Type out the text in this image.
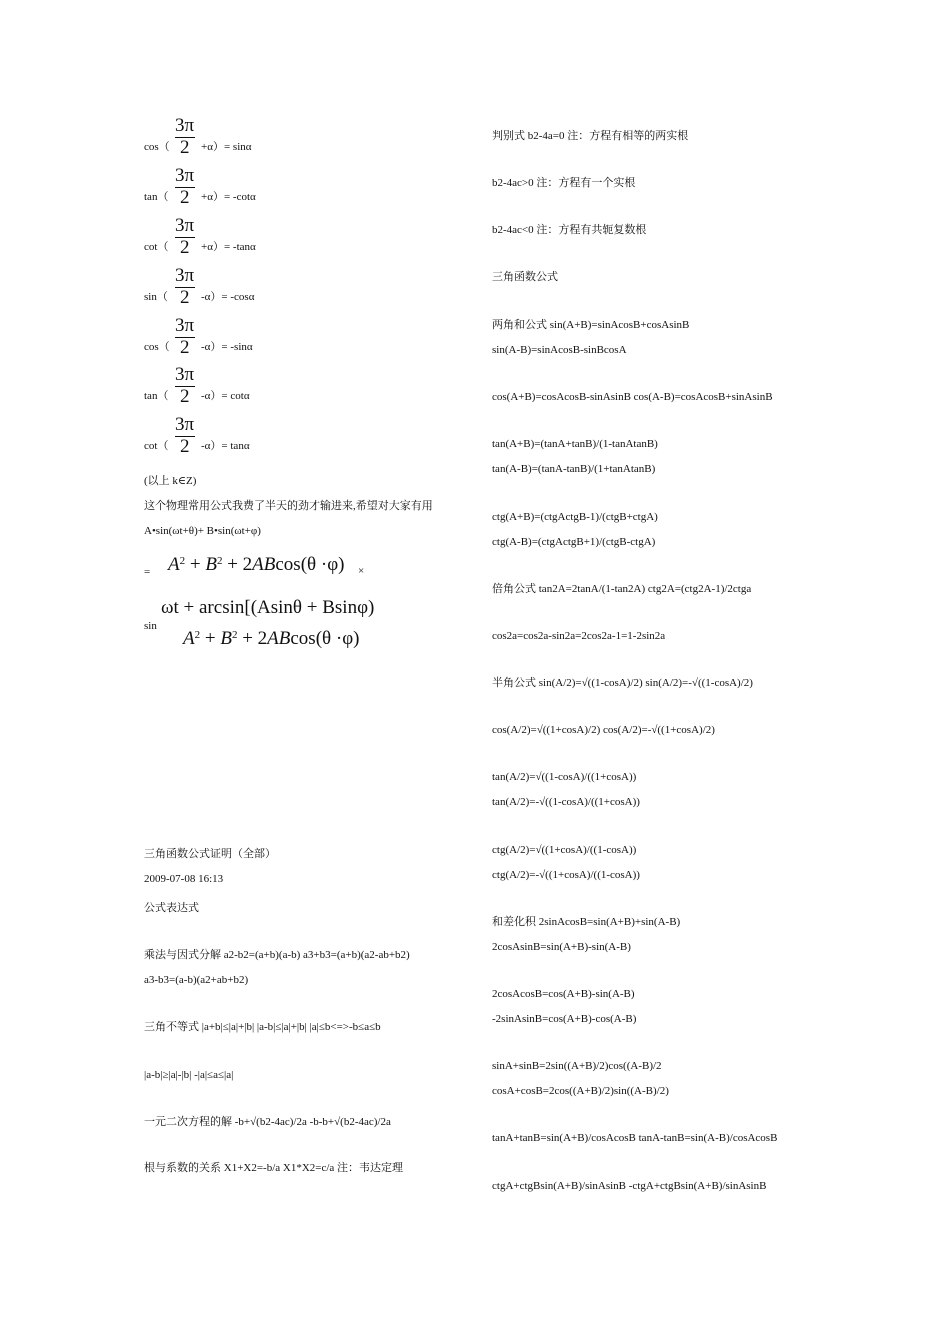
cos（
3π
2 +α）= sinα
tan（
3π
2 +α）= -cotα
cot（
3π
2 +α）= -tanα
sin（
3π
2 -α）= -cosα
cos（
3π
2 -α）= -sinα
tan（
3π
2 -α）= cotα
cot（
3π
2 -α）= tanα
(以上 k∈Z)
这个物理常用公式我费了半天的劲才输进来,希望对大家有用
A•sin(ωt+θ)+ B•sin(ωt+φ)
= $A_2 + B_2 + 2ABcos(\theta \cdot\varphi)$ ×
ωt + arcsin[(Asinθ + Bsinφ)
sin
$A_2 + B_2 + 2ABcos(\theta \cdot\varphi)$
三角函数公式证明（全部）
2009-07-08 16:13
公式表达式
乘法与因式分解 a2-b2=(a+b)(a-b) a3+b3=(a+b)(a2-ab+b2)
a3-b3=(a-b)(a2+ab+b2)
三角不等式 |a+b|≤|a|+|b| |a-b|≤|a|+|b| |a|≤b<=>-b≤a≤b
|a-b|≥|a|-|b| -|a|≤a≤|a|
一元二次方程的解 -b+√(b2-4ac)/2a -b-b+√(b2-4ac)/2a
根与系数的关系 X1+X2=-b/a X1*X2=c/a 注：韦达定理
判别式 b2-4a=0 注：方程有相等的两实根
b2-4ac>0 注：方程有一个实根
b2-4ac<0 注：方程有共轭复数根
三角函数公式
两角和公式 sin(A+B)=sinAcosB+cosAsinB
sin(A-B)=sinAcosB-sinBcosA
cos(A+B)=cosAcosB-sinAsinB cos(A-B)=cosAcosB+sinAsinB
tan(A+B)=(tanA+tanB)/(1-tanAtanB)
tan(A-B)=(tanA-tanB)/(1+tanAtanB)
ctg(A+B)=(ctgActgB-1)/(ctgB+ctgA)
ctg(A-B)=(ctgActgB+1)/(ctgB-ctgA)
倍角公式 tan2A=2tanA/(1-tan2A) ctg2A=(ctg2A-1)/2ctga
cos2a=cos2a-sin2a=2cos2a-1=1-2sin2a
半角公式 sin(A/2)=√((1-cosA)/2) sin(A/2)=-√((1-cosA)/2)
cos(A/2)=√((1+cosA)/2) cos(A/2)=-√((1+cosA)/2)
tan(A/2)=√((1-cosA)/((1+cosA))
tan(A/2)=-√((1-cosA)/((1+cosA))
ctg(A/2)=√((1+cosA)/((1-cosA))
ctg(A/2)=-√((1+cosA)/((1-cosA))
和差化积 2sinAcosB=sin(A+B)+sin(A-B)
2cosAsinB=sin(A+B)-sin(A-B)
2cosAcosB=cos(A+B)-sin(A-B)
-2sinAsinB=cos(A+B)-cos(A-B)
sinA+sinB=2sin((A+B)/2)cos((A-B)/2
cosA+cosB=2cos((A+B)/2)sin((A-B)/2)
tanA+tanB=sin(A+B)/cosAcosB tanA-tanB=sin(A-B)/cosAcosB
ctgA+ctgBsin(A+B)/sinAsinB -ctgA+ctgBsin(A+B)/sinAsinB
